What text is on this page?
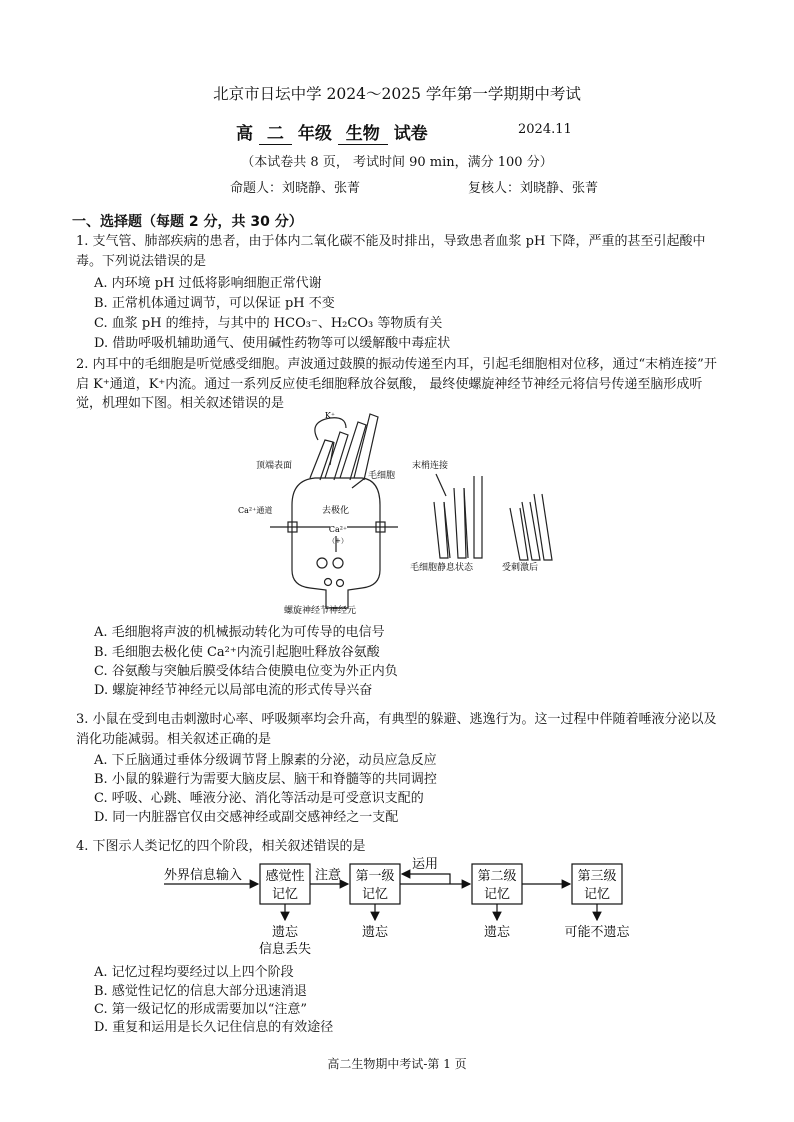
北京市日坛中学 2024～2025 学年第一学期期中考试
高 二 年级 生物 试卷	2024.11
（本试卷共 8 页， 考试时间 90 min，满分 100 分）
命题人：刘晓静、张菁	复核人：刘晓静、张菁
一、选择题（每题 2 分，共 30 分）
1. 支气管、肺部疾病的患者，由于体内二氧化碳不能及时排出，导致患者血浆 pH 下降，严重的甚至引起酸中毒。下列说法错误的是
A. 内环境 pH 过低将影响细胞正常代谢
B. 正常机体通过调节，可以保证 pH 不变
C. 血浆 pH 的维持，与其中的 HCO₃⁻、H₂CO₃ 等物质有关
D. 借助呼吸机辅助通气、使用碱性药物等可以缓解酸中毒症状
2. 内耳中的毛细胞是听觉感受细胞。声波通过鼓膜的振动传递至内耳，引起毛细胞相对位移，通过“末梢连接”开启 K⁺通道，K⁺内流。通过一系列反应使毛细胞释放谷氨酸， 最终使螺旋神经节神经元将信号传递至脑形成听觉，机理如下图。相关叙述错误的是
K⁺
顶端表面
毛细胞
Ca²⁺通道	去极化
Ca²⁺
（+）
螺旋神经节神经元
末梢连接
毛细胞静息状态	受刺激后
A. 毛细胞将声波的机械振动转化为可传导的电信号
B. 毛细胞去极化使 Ca²⁺内流引起胞吐释放谷氨酸
C. 谷氨酸与突触后膜受体结合使膜电位变为外正内负
D. 螺旋神经节神经元以局部电流的形式传导兴奋
3. 小鼠在受到电击刺激时心率、呼吸频率均会升高，有典型的躲避、逃逸行为。这一过程中伴随着唾液分泌以及消化功能减弱。相关叙述正确的是
A. 下丘脑通过垂体分级调节肾上腺素的分泌，动员应急反应
B. 小鼠的躲避行为需要大脑皮层、脑干和脊髓等的共同调控
C. 呼吸、心跳、唾液分泌、消化等活动是可受意识支配的
D. 同一内脏器官仅由交感神经或副交感神经之一支配
4. 下图示人类记忆的四个阶段，相关叙述错误的是
外界信息输入	注意
运用
感觉性
记忆
第一级
记忆
第二级
记忆
第三级
记忆
遗忘
信息丢失
遗忘	遗忘	可能不遗忘
A. 记忆过程均要经过以上四个阶段
B. 感觉性记忆的信息大部分迅速消退
C. 第一级记忆的形成需要加以“注意”
D. 重复和运用是长久记住信息的有效途径
高二生物期中考试-第 1 页
